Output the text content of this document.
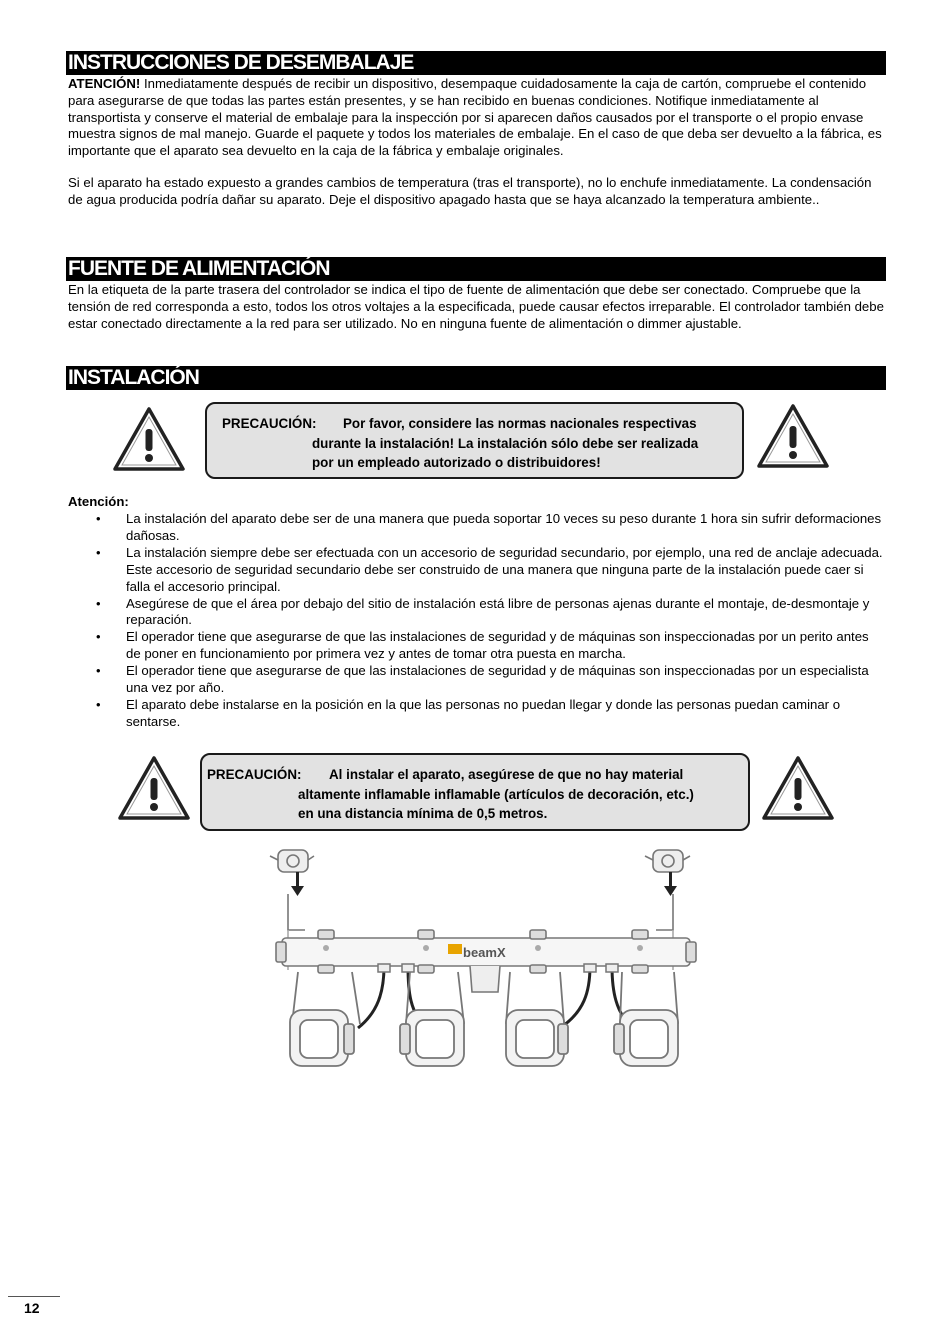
INSTRUCCIONES DE DESEMBALAJE
ATENCIÓN! Inmediatamente después de recibir un dispositivo, desempaque cuidadosamente la caja de cartón, compruebe el contenido para asegurarse de que todas las partes están presentes, y se han recibido en buenas condiciones. Notifique inmediatamente al transportista y conserve el material de embalaje para la inspección por si aparecen daños causados por el transporte o el propio envase muestra signos de mal manejo. Guarde el paquete y todos los materiales de embalaje. En el caso de que deba ser devuelto a la fábrica, es importante que el aparato sea devuelto en la caja de la fábrica y embalaje originales.
Si el aparato ha estado expuesto a grandes cambios de temperatura (tras el transporte), no lo enchufe inmediatamente. La condensación de agua producida podría dañar su aparato. Deje el dispositivo apagado hasta que se haya alcanzado la temperatura ambiente..
FUENTE DE ALIMENTACIÓN
En la etiqueta de la parte trasera del controlador se indica el tipo de fuente de alimentación que debe ser conectado. Compruebe que la tensión de red corresponda a esto, todos los otros voltajes a la especificada, puede causar efectos irreparable. El controlador también debe estar conectado directamente a la red para ser utilizado. No en ninguna fuente de alimentación o dimmer ajustable.
INSTALACIÓN
PRECAUCIÓN: Por favor, considere las normas nacionales respectivas
durante la instalación! La instalación sólo debe ser realizada
por un empleado autorizado o distribuidores!
Atención:
• La instalación del aparato debe ser de una manera que pueda soportar 10 veces su peso durante 1 hora sin sufrir deformaciones dañosas.
• La instalación siempre debe ser efectuada con un accesorio de seguridad secundario, por ejemplo, una red de anclaje adecuada. Este accesorio de seguridad secundario debe ser construido de una manera que ninguna parte de la instalación puede caer si falla el accesorio principal.
• Asegúrese de que el área por debajo del sitio de instalación está libre de personas ajenas durante el montaje, de-desmontaje y reparación.
• El operador tiene que asegurarse de que las instalaciones de seguridad y de máquinas son inspeccionadas por un perito antes de poner en funcionamiento por primera vez y antes de tomar otra puesta en marcha.
• El operador tiene que asegurarse de que las instalaciones de seguridad y de máquinas son inspeccionadas por un especialista una vez por año.
• El aparato debe instalarse en la posición en la que las personas no puedan llegar y donde las personas puedan caminar o sentarse.
PRECAUCIÓN: Al instalar el aparato, asegúrese de que no hay material
altamente inflamable inflamable (artículos de decoración, etc.)
en una distancia mínima de 0,5 metros.
beamX
12
